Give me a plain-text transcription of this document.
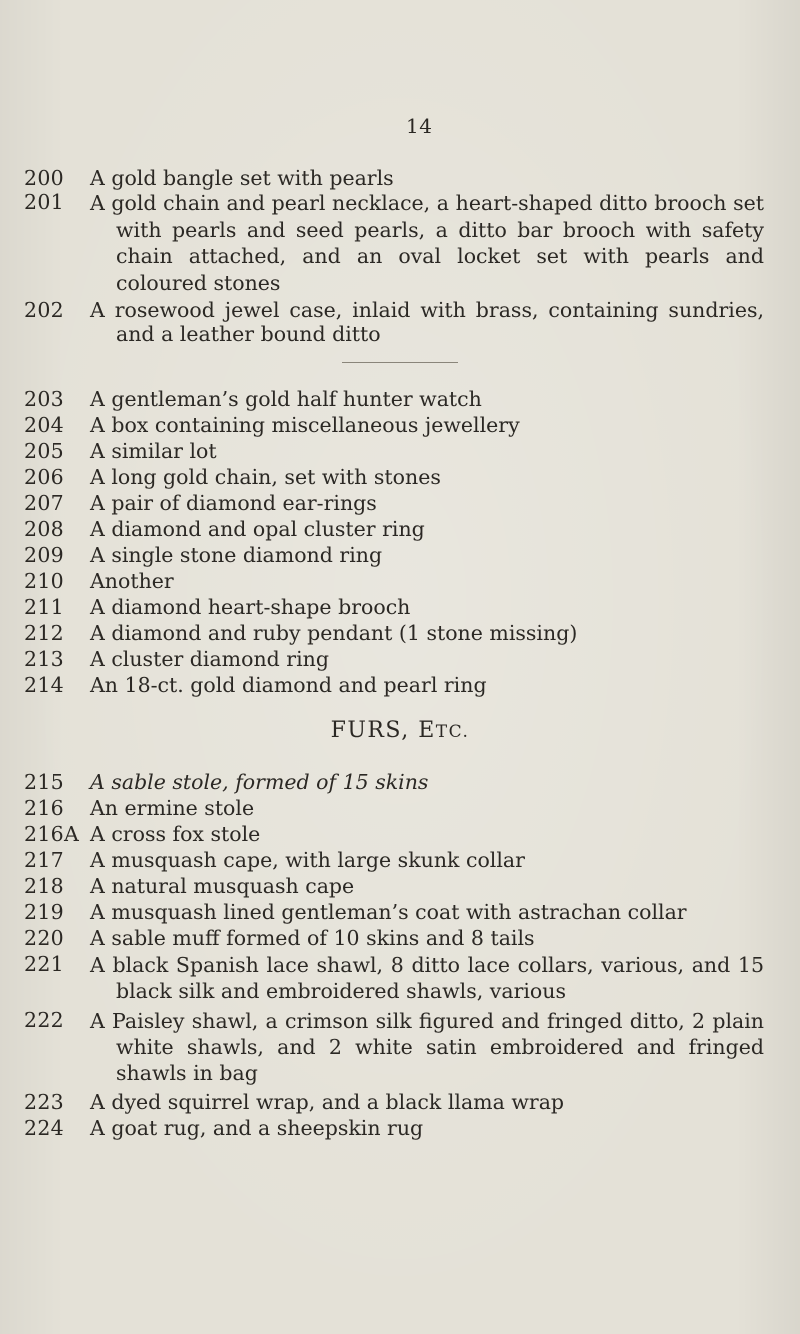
14
200	A gold bangle set with pearls
201	A gold chain and pearl necklace, a heart-shaped ditto brooch set with pearls and seed pearls, a ditto bar brooch with safety chain attached, and an oval locket set with pearls and coloured stones
202	A rosewood jewel case, inlaid with brass, containing sundries, and a leather bound ditto
203	A gentleman’s gold half hunter watch
204	A box containing miscellaneous jewellery
205	A similar lot
206	A long gold chain, set with stones
207	A pair of diamond ear-rings
208	A diamond and opal cluster ring
209	A single stone diamond ring
210	Another
211	A diamond heart-shape brooch
212	A diamond and ruby pendant (1 stone missing)
213	A cluster diamond ring
214	An 18-ct. gold diamond and pearl ring
FURS, ETC.
215	A sable stole, formed of 15 skins
216	An ermine stole
216A A cross fox stole
217	A musquash cape, with large skunk collar
218	A natural musquash cape
219	A musquash lined gentleman’s coat with astrachan collar
220	A sable muff formed of 10 skins and 8 tails
221	A black Spanish lace shawl, 8 ditto lace collars, various, and 15 black silk and embroidered shawls, various
222	A Paisley shawl, a crimson silk figured and fringed ditto, 2 plain white shawls, and 2 white satin embroidered and fringed shawls in bag
223	A dyed squirrel wrap, and a black llama wrap
224	A goat rug, and a sheepskin rug
